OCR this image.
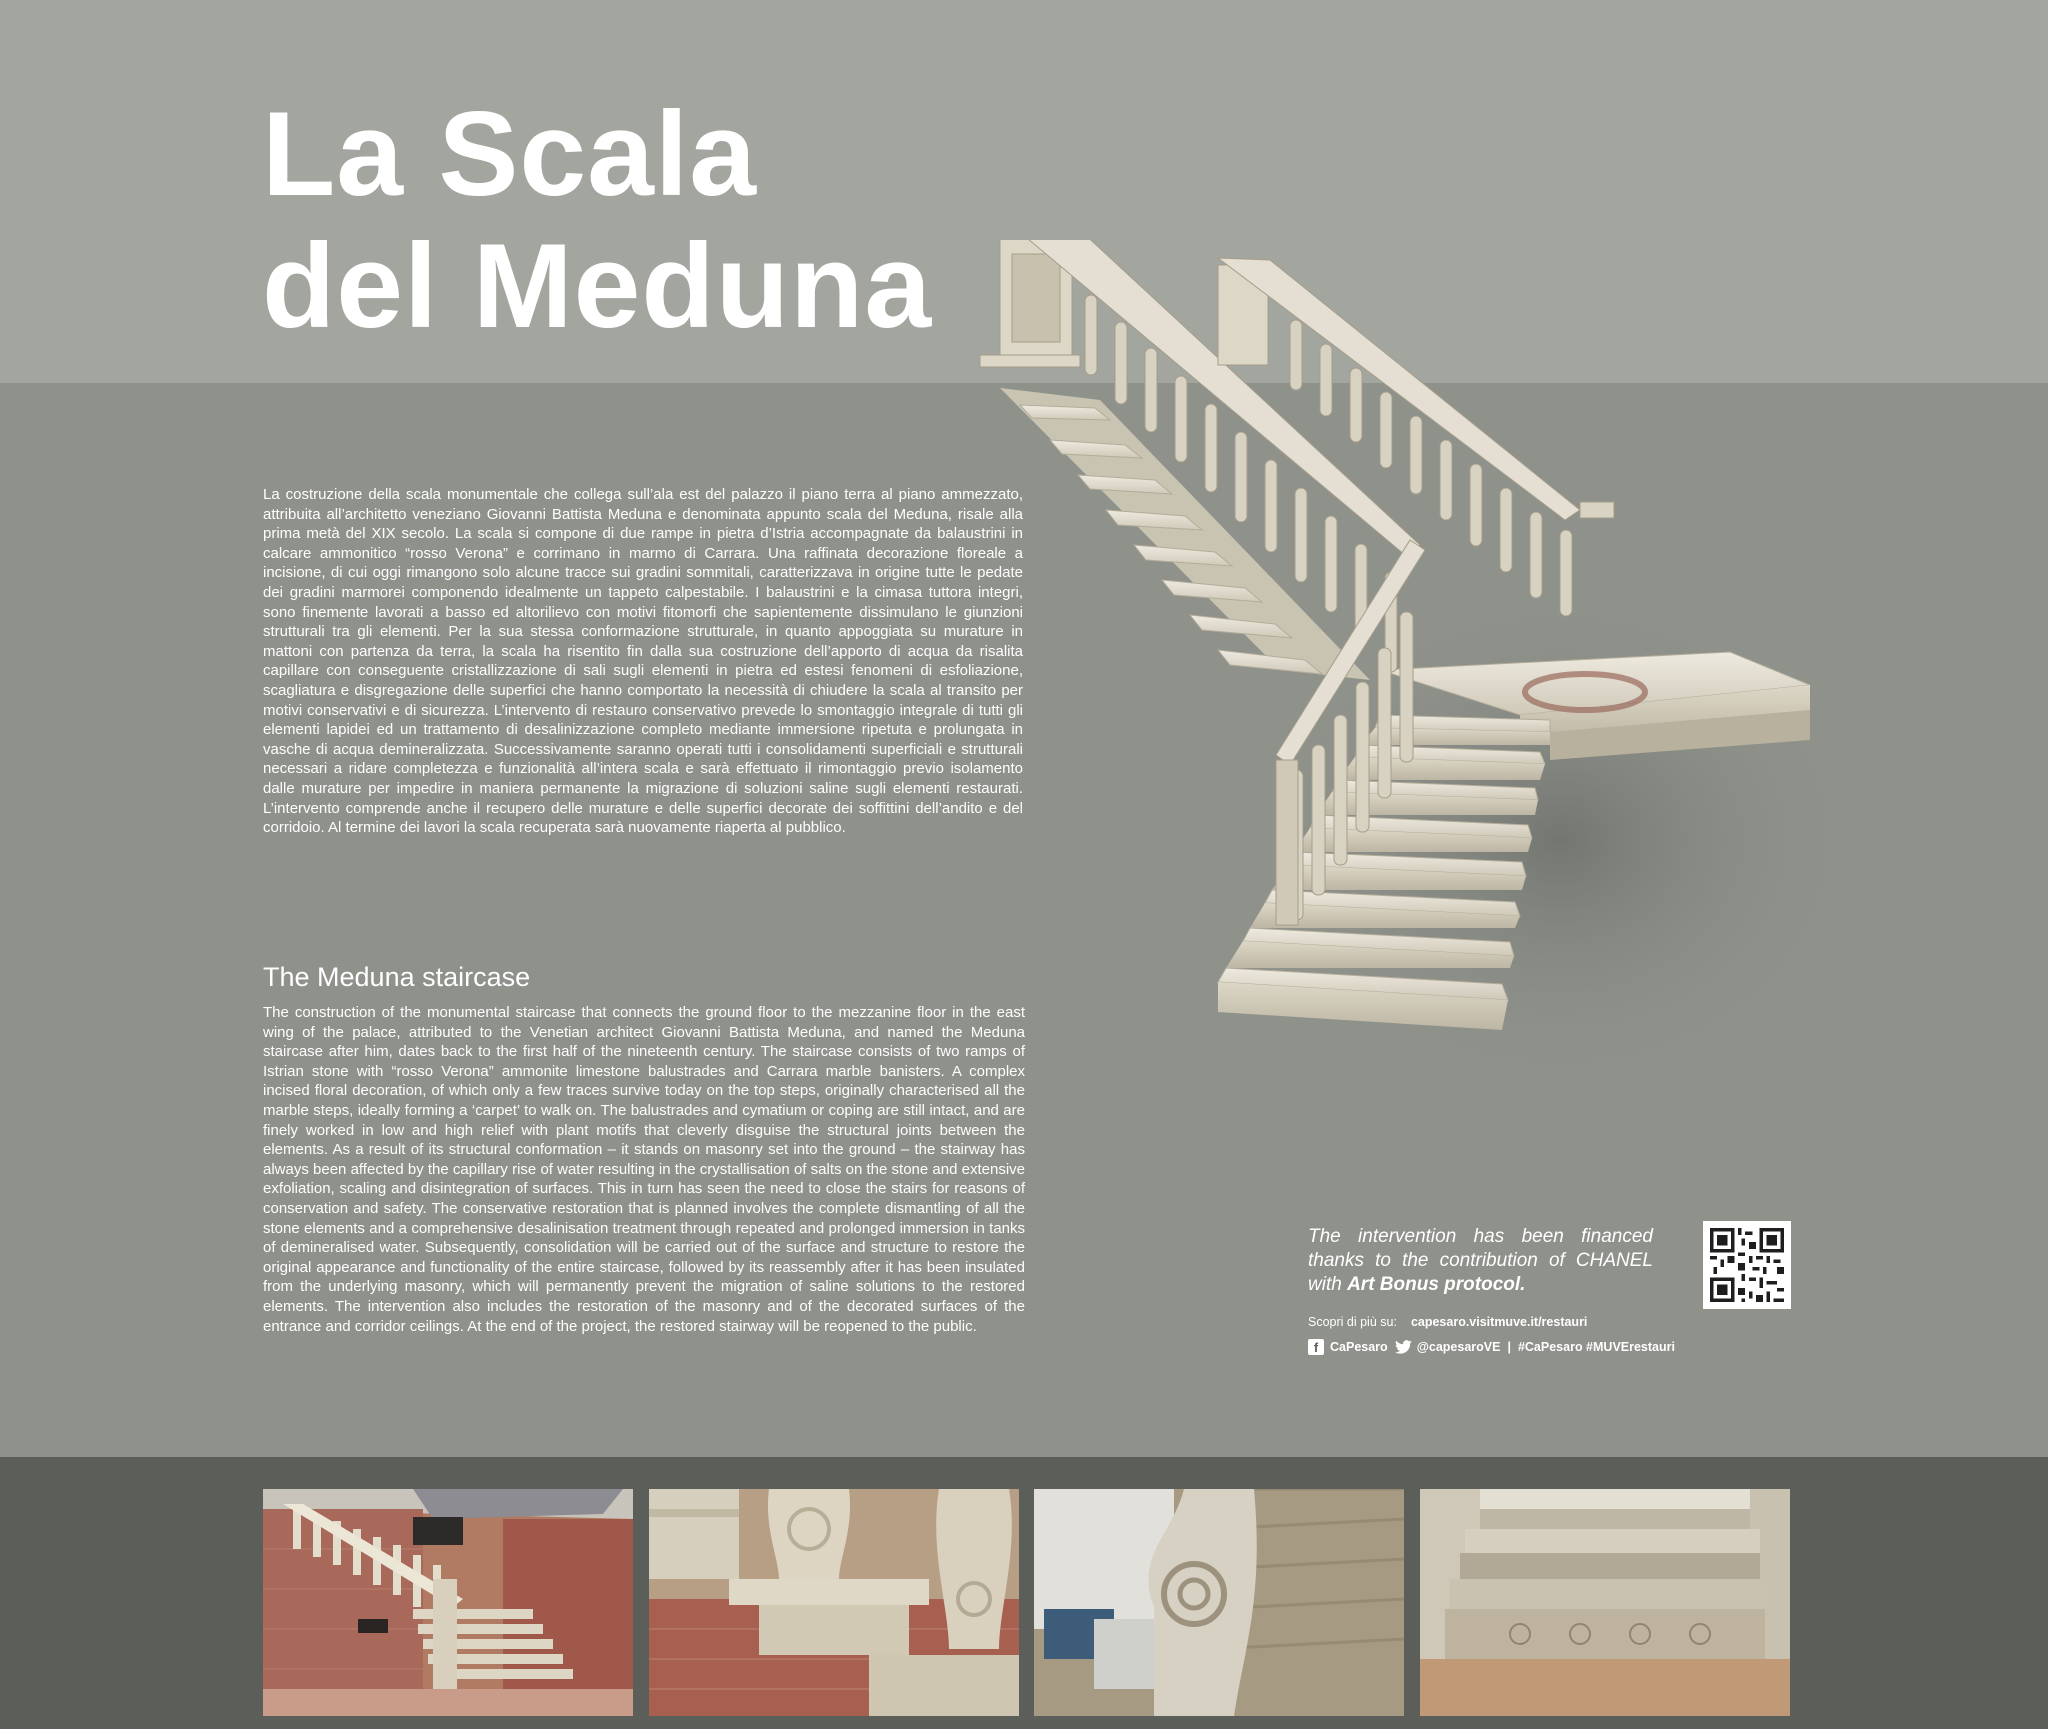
La Scala
del Meduna

La costruzione della scala monumentale che collega sull’ala est del palazzo il piano terra al piano ammezzato, attribuita all’architetto veneziano Giovanni Battista Meduna e denominata appunto scala del Meduna, risale alla prima metà del XIX secolo. La scala si compone di due rampe in pietra d’Istria accompagnate da balaustrini in calcare ammonitico “rosso Verona” e corrimano in marmo di Carrara. Una raffinata decorazione floreale a incisione, di cui oggi rimangono solo alcune tracce sui gradini sommitali, caratterizzava in origine tutte le pedate dei gradini marmorei componendo idealmente un tappeto calpestabile. I balaustrini e la cimasa tuttora integri, sono finemente lavorati a basso ed altorilievo con motivi fitomorfi che sapientemente dissimulano le giunzioni strutturali tra gli elementi. Per la sua stessa conformazione strutturale, in quanto appoggiata su murature in mattoni con partenza da terra, la scala ha risentito fin dalla sua costruzione dell’apporto di acqua da risalita capillare con conseguente cristallizzazione di sali sugli elementi in pietra ed estesi fenomeni di esfoliazione, scagliatura e disgregazione delle superfici che hanno comportato la necessità di chiudere la scala al transito per motivi conservativi e di sicurezza. L’intervento di restauro conservativo prevede lo smontaggio integrale di tutti gli elementi lapidei ed un trattamento di desalinizzazione completo mediante immersione ripetuta e prolungata in vasche di acqua demineralizzata. Successivamente saranno operati tutti i consolidamenti superficiali e strutturali necessari a ridare completezza e funzionalità all’intera scala e sarà effettuato il rimontaggio previo isolamento dalle murature per impedire in maniera permanente la migrazione di soluzioni saline sugli elementi restaurati. L’intervento comprende anche il recupero delle murature e delle superfici decorate dei soffittini dell’andito e del corridoio. Al termine dei lavori la scala recuperata sarà nuovamente riaperta al pubblico.

The Meduna staircase

The construction of the monumental staircase that connects the ground floor to the mezzanine floor in the east wing of the palace, attributed to the Venetian architect Giovanni Battista Meduna, and named the Meduna staircase after him, dates back to the first half of the nineteenth century. The staircase consists of two ramps of Istrian stone with “rosso Verona” ammonite limestone balustrades and Carrara marble banisters. A complex incised floral decoration, of which only a few traces survive today on the top steps, originally characterised all the marble steps, ideally forming a ‘carpet’ to walk on. The balustrades and cymatium or coping are still intact, and are finely worked in low and high relief with plant motifs that cleverly disguise the structural joints between the elements. As a result of its structural conformation – it stands on masonry set into the ground – the stairway has always been affected by the capillary rise of water resulting in the crystallisation of salts on the stone and extensive exfoliation, scaling and disintegration of surfaces. This in turn has seen the need to close the stairs for reasons of conservation and safety. The conservative restoration that is planned involves the complete dismantling of all the stone elements and a comprehensive desalinisation treatment through repeated and prolonged immersion in tanks of demineralised water. Subsequently, consolidation will be carried out of the surface and structure to restore the original appearance and functionality of the entire staircase, followed by its reassembly after it has been insulated from the underlying masonry, which will permanently prevent the migration of saline solutions to the restored elements. The intervention also includes the restoration of the masonry and of the decorated surfaces of the entrance and corridor ceilings. At the end of the project, the restored stairway will be reopened to the public.

The intervention has been financed thanks to the contribution of CHANEL with Art Bonus protocol.

Scopri di più su: capesaro.visitmuve.it/restauri
f CaPesaro @capesaroVE | #CaPesaro #MUVErestauri
